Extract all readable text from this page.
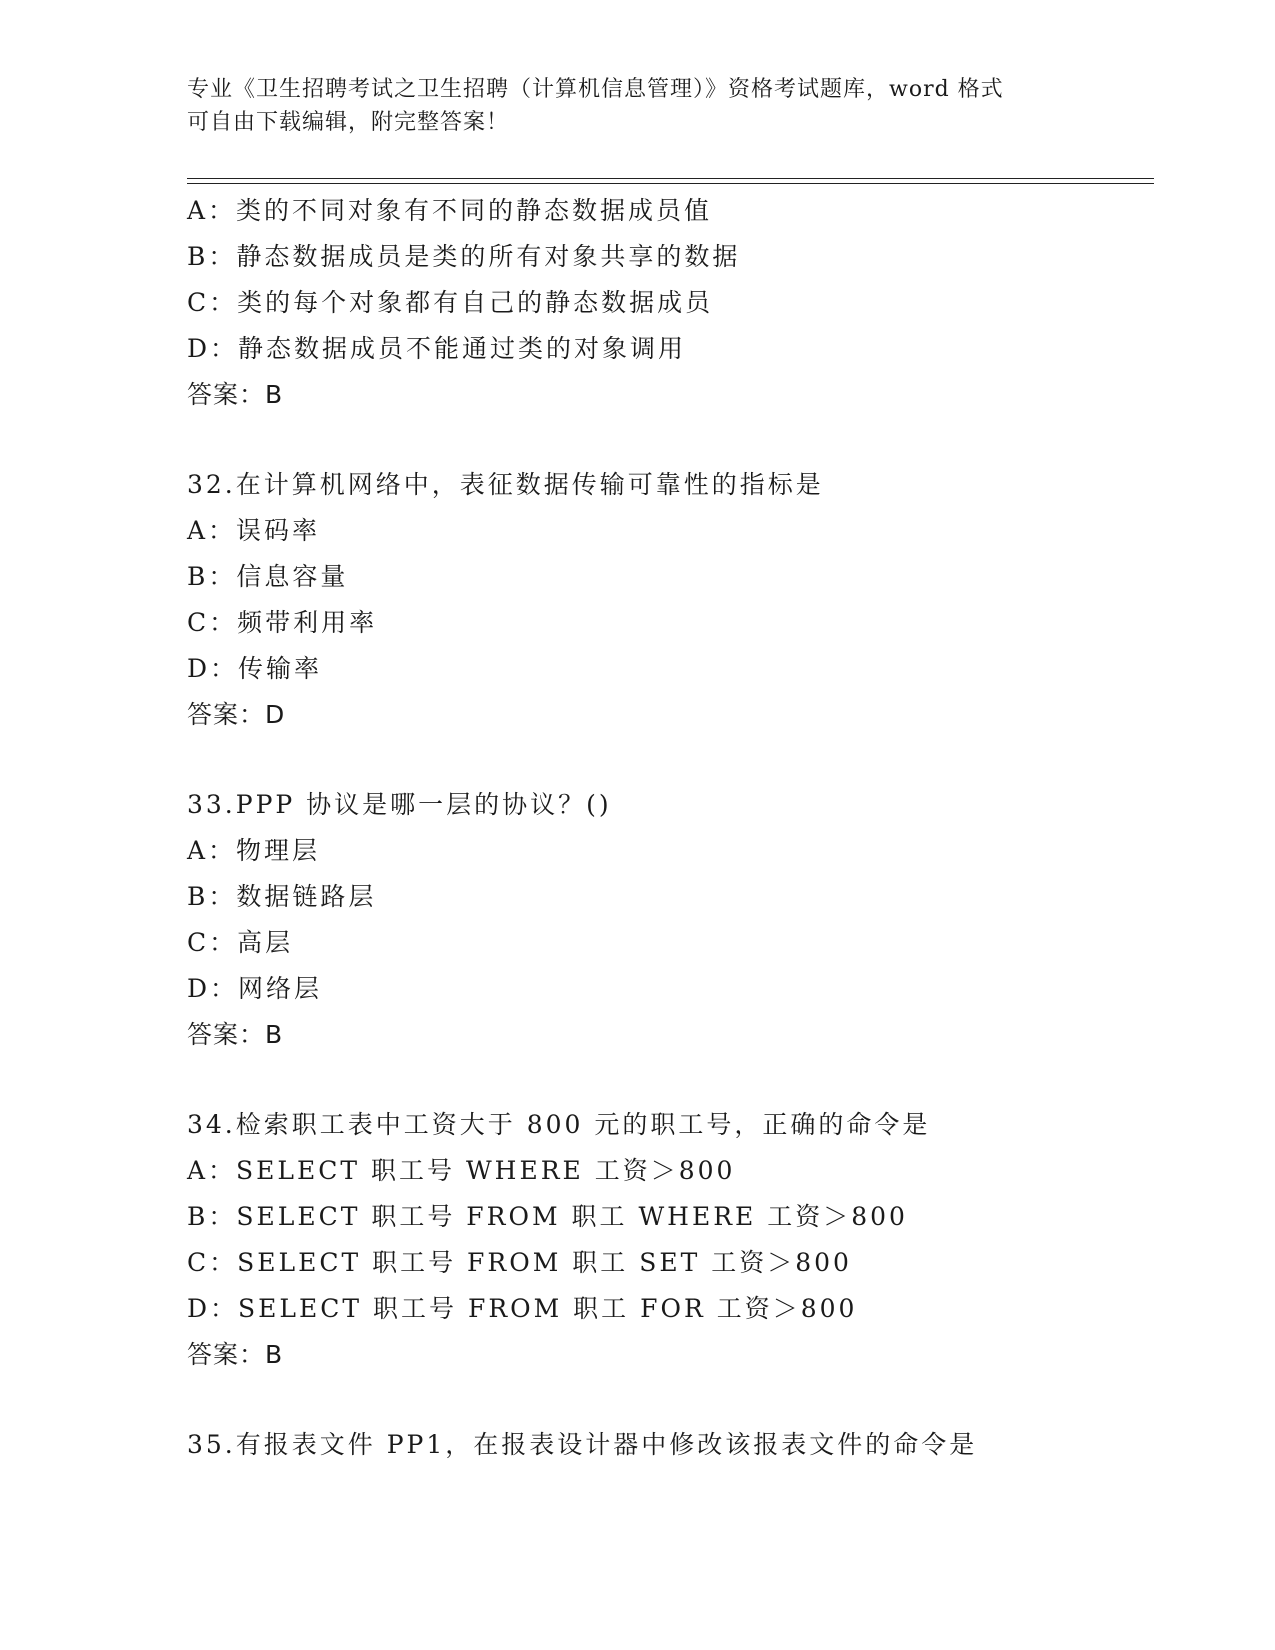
专业《卫生招聘考试之卫生招聘（计算机信息管理）》资格考试题库，word 格式
可自由下载编辑，附完整答案！
A：类的不同对象有不同的静态数据成员值
B：静态数据成员是类的所有对象共享的数据
C：类的每个对象都有自己的静态数据成员
D：静态数据成员不能通过类的对象调用
答案：B
32.在计算机网络中，表征数据传输可靠性的指标是
A：误码率
B：信息容量
C：频带利用率
D：传输率
答案：D
33.PPP 协议是哪一层的协议？()
A：物理层
B：数据链路层
C：高层
D：网络层
答案：B
34.检索职工表中工资大于 800 元的职工号，正确的命令是
A：SELECT 职工号 WHERE 工资＞800
B：SELECT 职工号 FROM 职工 WHERE 工资＞800
C：SELECT 职工号 FROM 职工 SET 工资＞800
D：SELECT 职工号 FROM 职工 FOR 工资＞800
答案：B
35.有报表文件 PP1，在报表设计器中修改该报表文件的命令是
